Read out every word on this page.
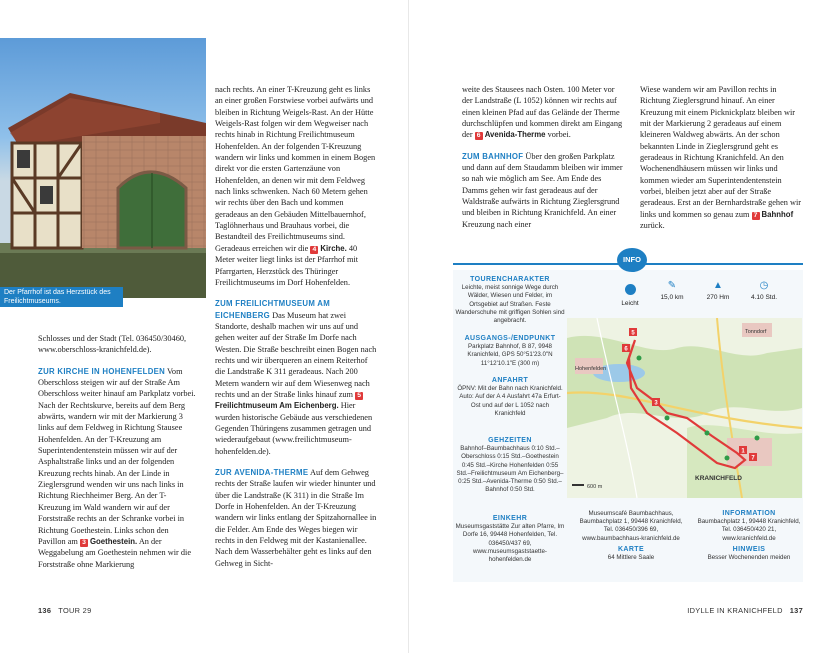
Der Pfarrhof ist das Herzstück des Freilichtmuseums.

Schlosses und der Stadt (Tel. 036450/30460, www.oberschloss-kranichfeld.de).

ZUR KIRCHE IN HOHENFELDEN Vom Oberschloss steigen wir auf der Straße Am Oberschloss weiter hinauf am Parkplatz vorbei. Nach der Rechtskurve, bereits auf dem Berg abwärts, wandern wir mit der Markierung 3 links auf dem Feldweg in Richtung Stausee Hohenfelden. An der T-Kreuzung am Superintendentenstein müssen wir auf der Asphaltstraße links und an der folgenden Kreuzung rechts hinab. An der Linde in Zieglersgrund wenden wir uns nach links in Richtung Riechheimer Berg. An der T-Kreuzung im Wald wandern wir auf der Forststraße rechts an der Schranke vorbei in Richtung Goethestein. Links schon den Pavillon am 3 Goethestein. An der Weggabelung am Goethestein nehmen wir die Forststraße ohne Markierung

nach rechts. An einer T-Kreuzung geht es links an einer großen Forstwiese vorbei aufwärts und bleiben in Richtung Weigels-Rast. An der Hütte Weigels-Rast folgen wir dem Wegweiser nach rechts hinab in Richtung Freilichtmuseum Hohenfelden. An der folgenden T-Kreuzung wandern wir links und kommen in einem Bogen direkt vor die ersten Gartenzäune von Hohenfelden, an denen wir mit dem Feldweg nach links schwenken. Nach 60 Metern gehen wir rechts über den Bach und kommen geradeaus an den Gebäuden Mittelbauernhof, Taglöhnerhaus und Brauhaus vorbei, die Bestandteil des Freilichtmuseums sind. Geradeaus erreichen wir die 4 Kirche. 40 Meter weiter liegt links ist der Pfarrhof mit Pfarrgarten, Herzstück des Thüringer Freilichtmuseums im Dorf Hohenfelden.

ZUM FREILICHTMUSEUM AM EICHENBERG Das Museum hat zwei Standorte, deshalb machen wir uns auf und gehen weiter auf der Straße Im Dorfe nach Westen. Die Straße beschreibt einen Bogen nach rechts und wir überqueren an einem Reiterhof die Landstraße K 311 geradeaus. Nach 200 Metern wandern wir auf dem Wiesenweg nach rechts und an der Straße links hinauf zum 5Freilichtmuseum Am Eichenberg. Hier wurden historische Gebäude aus verschiedenen Gegenden Thüringens zusammen getragen und wiederaufgebaut (www.freilichtmuseum-hohenfelden.de).

ZUR AVENIDA-THERME Auf dem Gehweg rechts der Straße laufen wir wieder hinunter und über die Landstraße (K 311) in die Straße Im Dorfe in Hohenfelden. An der T-Kreuzung wandern wir links entlang der Spitzahornallee in die Felder. Am Ende des Weges biegen wir rechts in den Feldweg mit der Kastanienallee. Nach dem Wasserbehälter geht es links auf den Gehweg in Sicht-

136 TOUR 29

weite des Stausees nach Osten. 100 Meter vor der Landstraße (L 1052) können wir rechts auf einen kleinen Pfad auf das Gelände der Therme durchschlüpfen und kommen direkt am Eingang der 6 Avenida-Therme vorbei.

ZUM BAHNHOF Über den großen Parkplatz und dann auf dem Staudamm bleiben wir immer so nah wie möglich am See. Am Ende des Damms gehen wir fast geradeaus auf der Waldstraße aufwärts in Richtung Zieglersgrund und bleiben in Richtung Kranichfeld. An einer Kreuzung nach einer

Wiese wandern wir am Pavillon rechts in Richtung Zieglersgrund hinauf. An einer Kreuzung mit einem Picknickplatz bleiben wir mit der Markierung 2 geradeaus auf einem kleineren Waldweg abwärts. An der schon bekannten Linde in Zieglersgrund geht es geradeaus in Richtung Kranichfeld. An den Wochenendhäusern müssen wir links und kommen wieder am Superintendentenstein vorbei, bleiben jetzt aber auf der Straße geradeaus. Erst an der Bernhardstraße gehen wir links und kommen so genau zum 7 Bahnhof zurück.

INFO
TOURENCHARAKTER
Leichte, meist sonnige Wege durch Wälder, Wiesen und Felder, im Ortsgebiet auf Straßen. Feste Wanderschuhe mit griffigen Sohlen sind angebracht.
AUSGANGS-/ENDPUNKT
Parkplatz Bahnhof, B 87, 9948 Kranichfeld, GPS 50°51'23.0"N 11°12'10.1"E (300 m)
ANFAHRT
ÖPNV: Mit der Bahn nach Kranichfeld. Auto: Auf der A 4 Ausfahrt 47a Erfurt-Ost und auf der L 1052 nach Kranichfeld
GEHZEITEN
Bahnhof–Baumbachhaus 0:10 Std.–Oberschloss 0:15 Std.–Goethestein 0:45 Std.–Kirche Hohenfelden 0:55 Std.–Freilichtmuseum Am Eichenberg–0:25 Std.–Avenida-Therme 0:50 Std.–Bahnhof 0:50 Std.
EINKEHR
Museumsgaststätte Zur alten Pfarre, Im Dorfe 16, 99448 Hohenfelden, Tel. 036450/437 69, www.museumsgaststaette-hohenfelden.de
Leicht
✎
15,0 km
▲
270 Hm
◷
4.10 Std.
5
6
3
1
7
Hohenfelden
Tonndorf
KRANICHFELD
600 m
Museumscafé Baumbachhaus, Baumbachplatz 1, 99448 Kranichfeld, Tel. 036450/396 69, www.baumbachhaus-kranichfeld.de
KARTE
64 Mittlere Saale
INFORMATION
Baumbachplatz 1, 99448 Kranichfeld, Tel. 036450/420 21, www.kranichfeld.de
HINWEIS
Besser Wochenenden meiden
IDYLLE IN KRANICHFELD 137
